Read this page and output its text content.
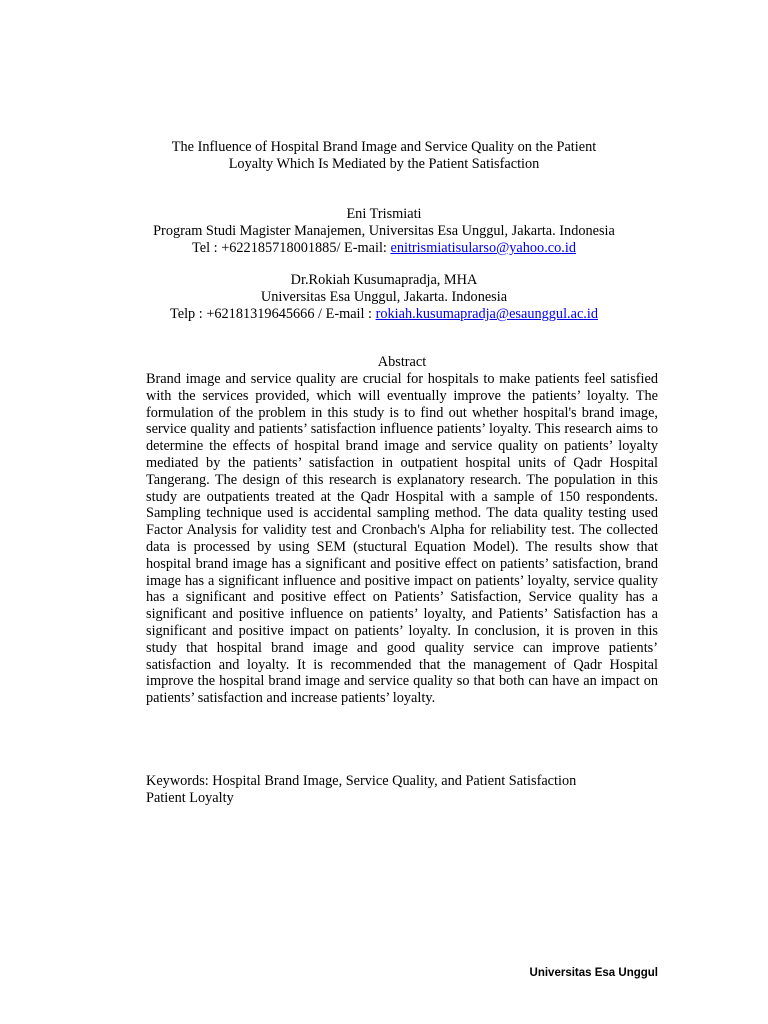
The Influence of Hospital Brand Image and Service Quality on the Patient
Loyalty Which Is Mediated by the Patient Satisfaction
Eni Trismiati
Program Studi Magister Manajemen, Universitas Esa Unggul, Jakarta. Indonesia
Tel : +622185718001885/ E-mail: enitrismiatisularso@yahoo.co.id
Dr.Rokiah Kusumapradja, MHA
Universitas Esa Unggul, Jakarta. Indonesia
Telp : +62181319645666 / E-mail : rokiah.kusumapradja@esaunggul.ac.id
Abstract
Brand image and service quality are crucial for hospitals to make patients feel satisfied with the services provided, which will eventually improve the patients’ loyalty. The formulation of the problem in this study is to find out whether hospital's brand image, service quality and patients’ satisfaction influence patients’ loyalty. This research aims to determine the effects of hospital brand image and service quality on patients’ loyalty mediated by the patients’ satisfaction in outpatient hospital units of Qadr Hospital Tangerang. The design of this research is explanatory research. The population in this study are outpatients treated at the Qadr Hospital with a sample of 150 respondents. Sampling technique used is accidental sampling method. The data quality testing used Factor Analysis for validity test and Cronbach's Alpha for reliability test. The collected data is processed by using SEM (stuctural Equation Model). The results show that hospital brand image has a significant and positive effect on patients’ satisfaction, brand image has a significant influence and positive impact on patients’ loyalty, service quality has a significant and positive effect on Patients’ Satisfaction, Service quality has a significant and positive influence on patients’ loyalty, and Patients’ Satisfaction has a significant and positive impact on patients’ loyalty. In conclusion, it is proven in this study that hospital brand image and good quality service can improve patients’ satisfaction and loyalty. It is recommended that the management of Qadr Hospital improve the hospital brand image and service quality so that both can have an impact on patients’ satisfaction and increase patients’ loyalty.
Keywords: Hospital Brand Image, Service Quality, and Patient Satisfaction
Patient Loyalty
Universitas Esa Unggul
